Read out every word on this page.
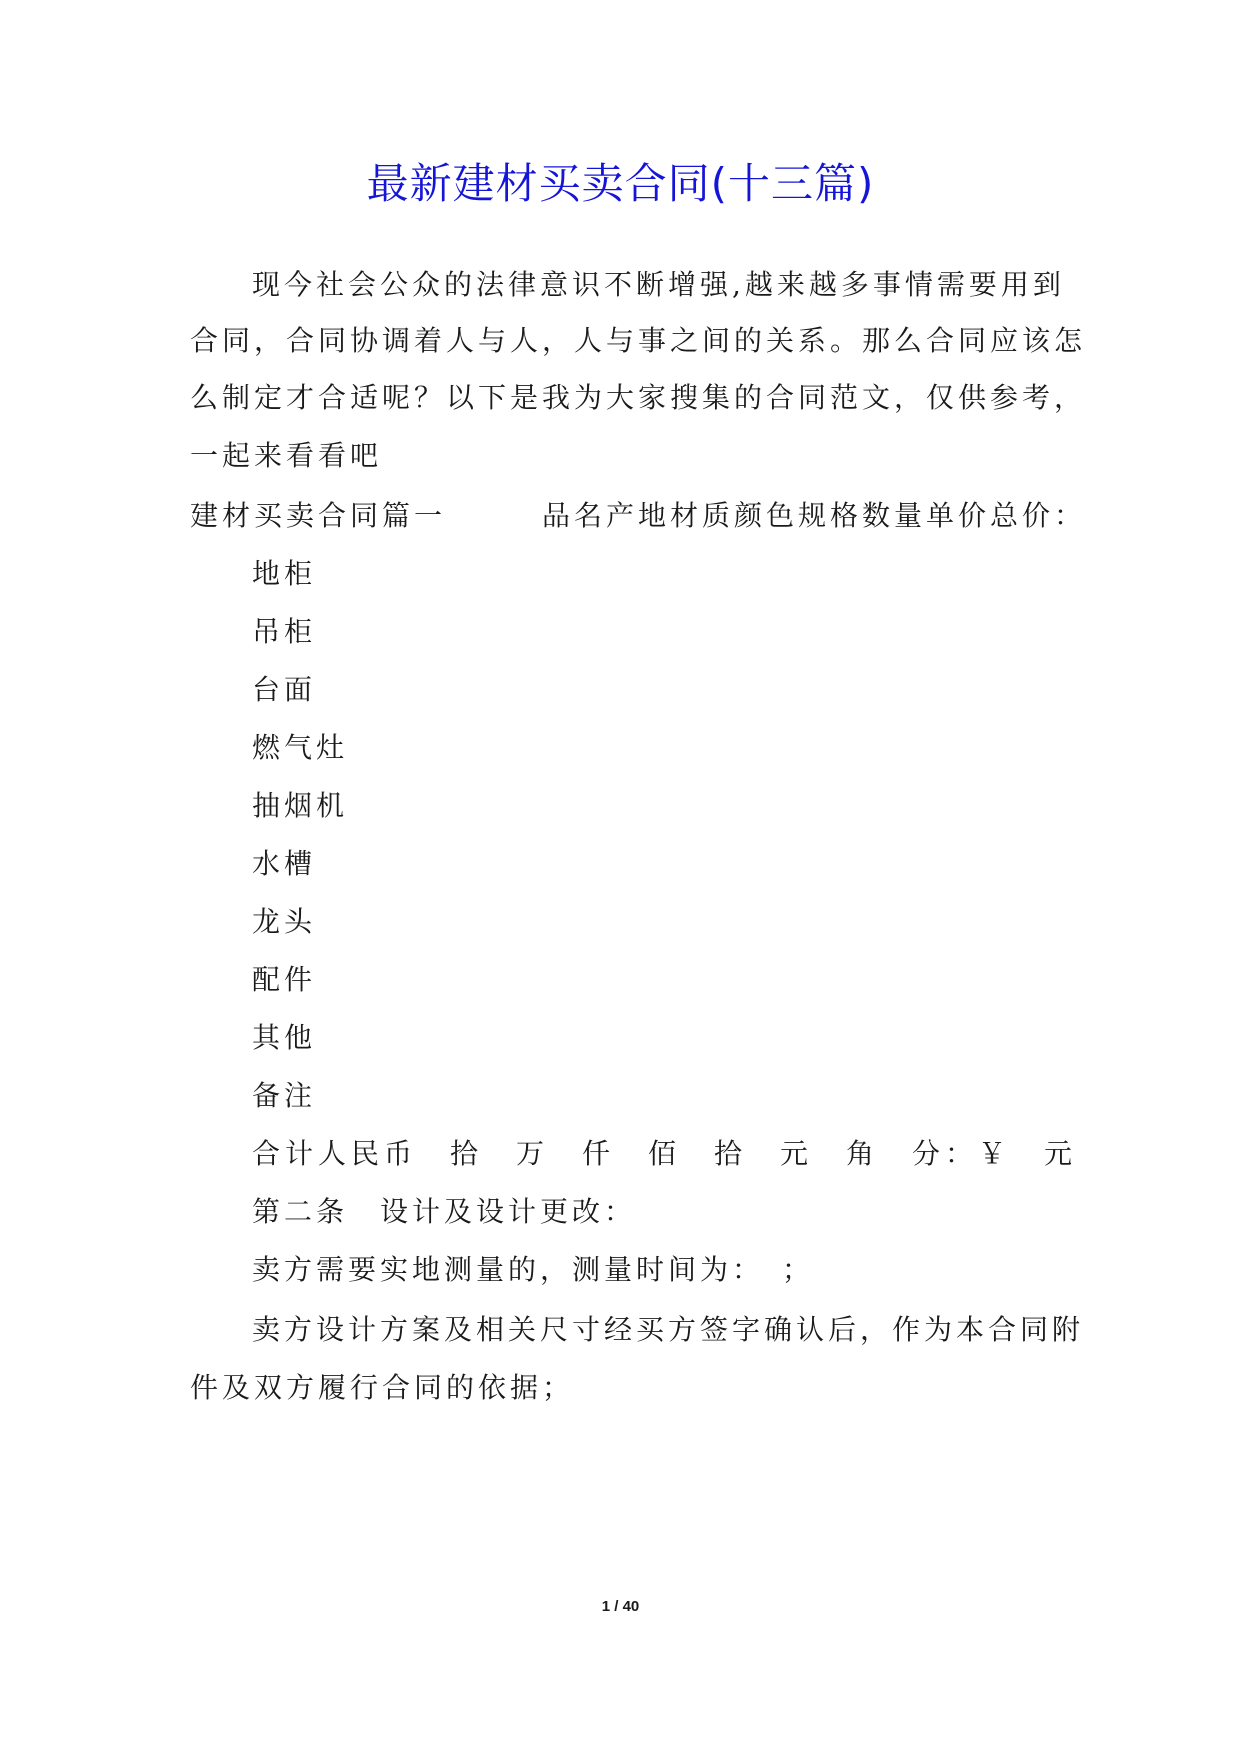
最新建材买卖合同(十三篇)
现今社会公众的法律意识不断增强,越来越多事情需要用到
合同，合同协调着人与人，人与事之间的关系。那么合同应该怎
么制定才合适呢？以下是我为大家搜集的合同范文，仅供参考，
一起来看看吧
建材买卖合同篇一　　　品名产地材质颜色规格数量单价总价：
地柜
吊柜
台面
燃气灶
抽烟机
水槽
龙头
配件
其他
备注
合计人民币　拾　万　仟　佰　拾　元　角　分：￥　元
第二条　设计及设计更改：
卖方需要实地测量的，测量时间为：　；
卖方设计方案及相关尺寸经买方签字确认后，作为本合同附
件及双方履行合同的依据；
1 / 40
